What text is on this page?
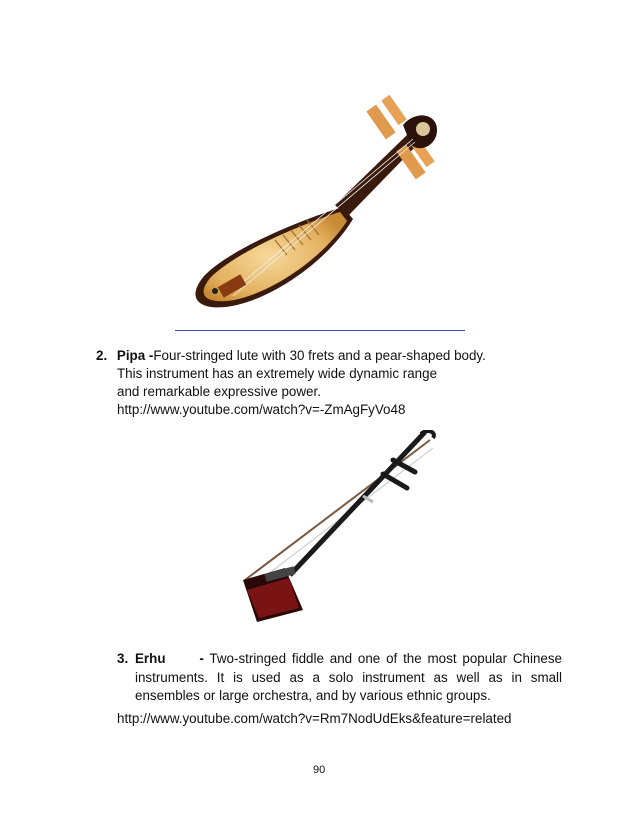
2. Pipa -Four-stringed lute with 30 frets and a pear-shaped body.
This instrument has an extremely wide dynamic range
and remarkable expressive power.
http://www.youtube.com/watch?v=-ZmAgFyVo48
3. Erhu	- Two-stringed fiddle and one of the most popular Chinese instruments. It is used as a solo instrument as well as in small ensembles or large orchestra, and by various ethnic groups.
http://www.youtube.com/watch?v=Rm7NodUdEks&feature=related
90
